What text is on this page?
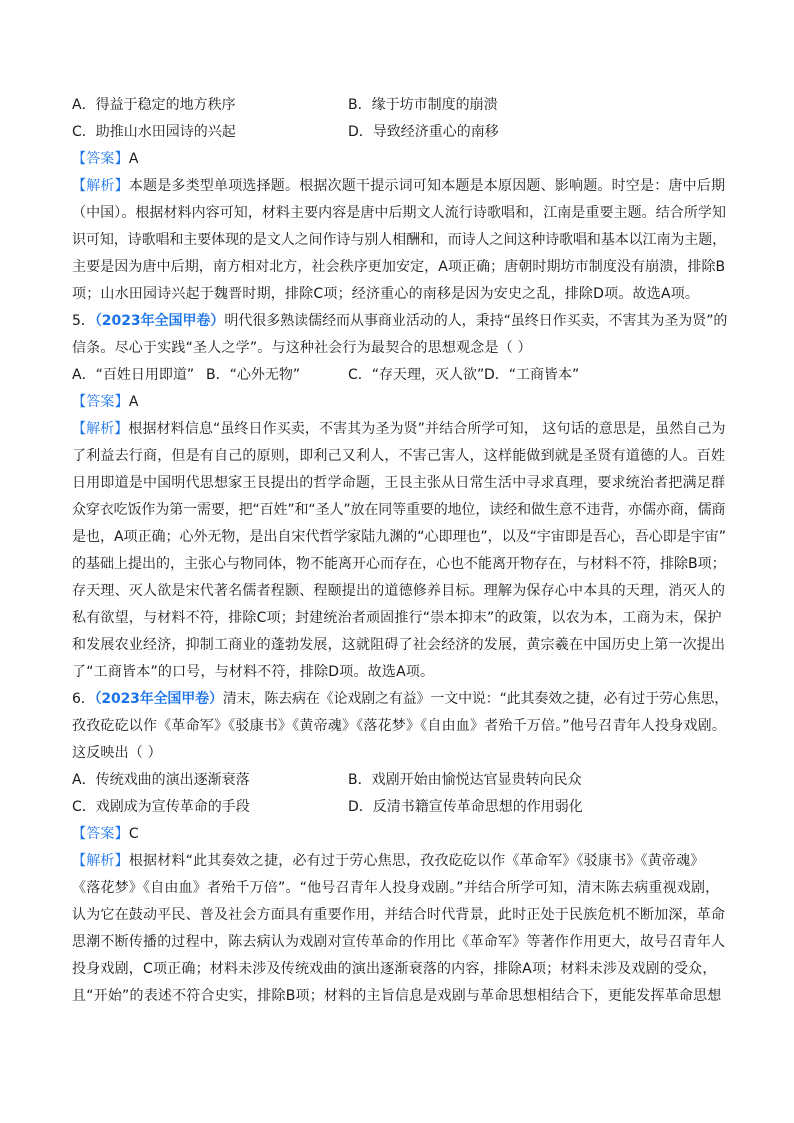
A．得益于稳定的地方秩序	B．缘于坊市制度的崩溃
C．助推山水田园诗的兴起	D．导致经济重心的南移
【答案】A
【解析】本题是多类型单项选择题。根据次题干提示词可知本题是本原因题、影响题。时空是：唐中后期
（中国）。根据材料内容可知，材料主要内容是唐中后期文人流行诗歌唱和，江南是重要主题。结合所学知
识可知，诗歌唱和主要体现的是文人之间作诗与别人相酬和，而诗人之间这种诗歌唱和基本以江南为主题，
主要是因为唐中后期，南方相对北方，社会秩序更加安定，A项正确；唐朝时期坊市制度没有崩溃，排除B
项；山水田园诗兴起于魏晋时期，排除C项；经济重心的南移是因为安史之乱，排除D项。故选A项。
5．（2023年全国甲卷）明代很多熟读儒经而从事商业活动的人，秉持“虽终日作买卖，不害其为圣为贤”的
信条。尽心于实践“圣人之学”。与这种社会行为最契合的思想观念是（ ）
A．“百姓日用即道” B．“心外无物”	C．“存天理，灭人欲” D．“工商皆本”
【答案】A
【解析】根据材料信息“虽终日作买卖，不害其为圣为贤”并结合所学可知， 这句话的意思是，虽然自己为
了利益去行商，但是有自己的原则，即利己又利人，不害己害人，这样能做到就是圣贤有道德的人。百姓
日用即道是中国明代思想家王艮提出的哲学命题，王艮主张从日常生活中寻求真理，要求统治者把满足群
众穿衣吃饭作为第一需要，把“百姓”和“圣人”放在同等重要的地位，读经和做生意不违背，亦儒亦商，儒商
是也，A项正确；心外无物，是出自宋代哲学家陆九渊的“心即理也”，以及“宇宙即是吾心，吾心即是宇宙”
的基础上提出的，主张心与物同体，物不能离开心而存在，心也不能离开物存在，与材料不符，排除B项；
存天理、灭人欲是宋代著名儒者程颢、程颐提出的道德修养目标。理解为保存心中本具的天理，消灭人的
私有欲望，与材料不符，排除C项；封建统治者顽固推行“崇本抑末”的政策，以农为本，工商为末，保护
和发展农业经济，抑制工商业的蓬勃发展，这就阻碍了社会经济的发展，黄宗羲在中国历史上第一次提出
了“工商皆本”的口号，与材料不符，排除D项。故选A项。
6．（2023年全国甲卷）清末，陈去病在《论戏剧之有益》一文中说：“此其奏效之捷，必有过于劳心焦思，
孜孜矻矻以作《革命军》《驳康书》《黄帝魂》《落花梦》《自由血》者殆千万倍。”他号召青年人投身戏剧。
这反映出（ ）
A．传统戏曲的演出逐渐衰落	B．戏剧开始由愉悦达官显贵转向民众
C．戏剧成为宣传革命的手段	D．反清书籍宣传革命思想的作用弱化
【答案】C
【解析】根据材料“此其奏效之捷，必有过于劳心焦思，孜孜矻矻以作《革命军》《驳康书》《黄帝魂》
《落花梦》《自由血》者殆千万倍”。“他号召青年人投身戏剧。”并结合所学可知，清末陈去病重视戏剧，
认为它在鼓动平民、普及社会方面具有重要作用，并结合时代背景，此时正处于民族危机不断加深，革命
思潮不断传播的过程中，陈去病认为戏剧对宣传革命的作用比《革命军》等著作作用更大，故号召青年人
投身戏剧，C项正确；材料未涉及传统戏曲的演出逐渐衰落的内容，排除A项；材料未涉及戏剧的受众，
且“开始”的表述不符合史实，排除B项；材料的主旨信息是戏剧与革命思想相结合下，更能发挥革命思想
